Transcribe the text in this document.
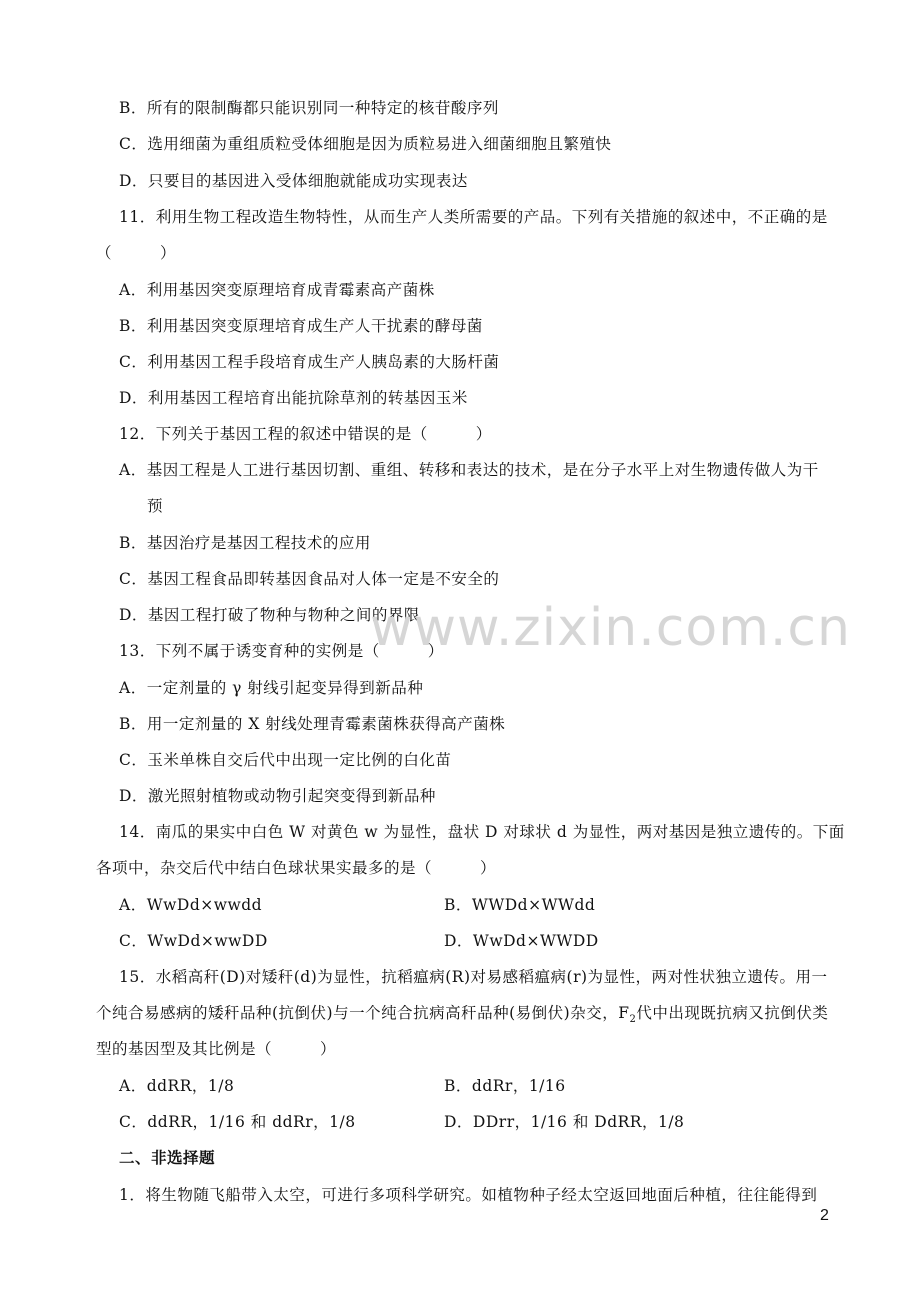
B．所有的限制酶都只能识别同一种特定的核苷酸序列
C．选用细菌为重组质粒受体细胞是因为质粒易进入细菌细胞且繁殖快
D．只要目的基因进入受体细胞就能成功实现表达
11．利用生物工程改造生物特性，从而生产人类所需要的产品。下列有关措施的叙述中，不正确的是
（　　　）
A．利用基因突变原理培育成青霉素高产菌株
B．利用基因突变原理培育成生产人干扰素的酵母菌
C．利用基因工程手段培育成生产人胰岛素的大肠杆菌
D．利用基因工程培育出能抗除草剂的转基因玉米
12．下列关于基因工程的叙述中错误的是（　　　）
A．基因工程是人工进行基因切割、重组、转移和表达的技术，是在分子水平上对生物遗传做人为干
预
B．基因治疗是基因工程技术的应用
C．基因工程食品即转基因食品对人体一定是不安全的
D．基因工程打破了物种与物种之间的界限
www.zixin.com.cn
13．下列不属于诱变育种的实例是（　　　）
A．一定剂量的 γ 射线引起变异得到新品种
B．用一定剂量的 X 射线处理青霉素菌株获得高产菌株
C．玉米单株自交后代中出现一定比例的白化苗
D．激光照射植物或动物引起突变得到新品种
14．南瓜的果实中白色 W 对黄色 w 为显性，盘状 D 对球状 d 为显性，两对基因是独立遗传的。下面
各项中，杂交后代中结白色球状果实最多的是（　　　）
A．WwDd×wwdd	B．WWDd×WWdd
C．WwDd×wwDD	D．WwDd×WWDD
15．水稻高秆(D)对矮秆(d)为显性，抗稻瘟病(R)对易感稻瘟病(r)为显性，两对性状独立遗传。用一
个纯合易感病的矮秆品种(抗倒伏)与一个纯合抗病高秆品种(易倒伏)杂交，$F_2$代中出现既抗病又抗倒伏类
型的基因型及其比例是（　　　）
A．ddRR，1/8	B．ddRr，1/16
C．ddRR，1/16 和 ddRr，1/8	D．DDrr，1/16 和 DdRR，1/8
二、非选择题
1．将生物随飞船带入太空，可进行多项科学研究。如植物种子经太空返回地面后种植，往往能得到
2
